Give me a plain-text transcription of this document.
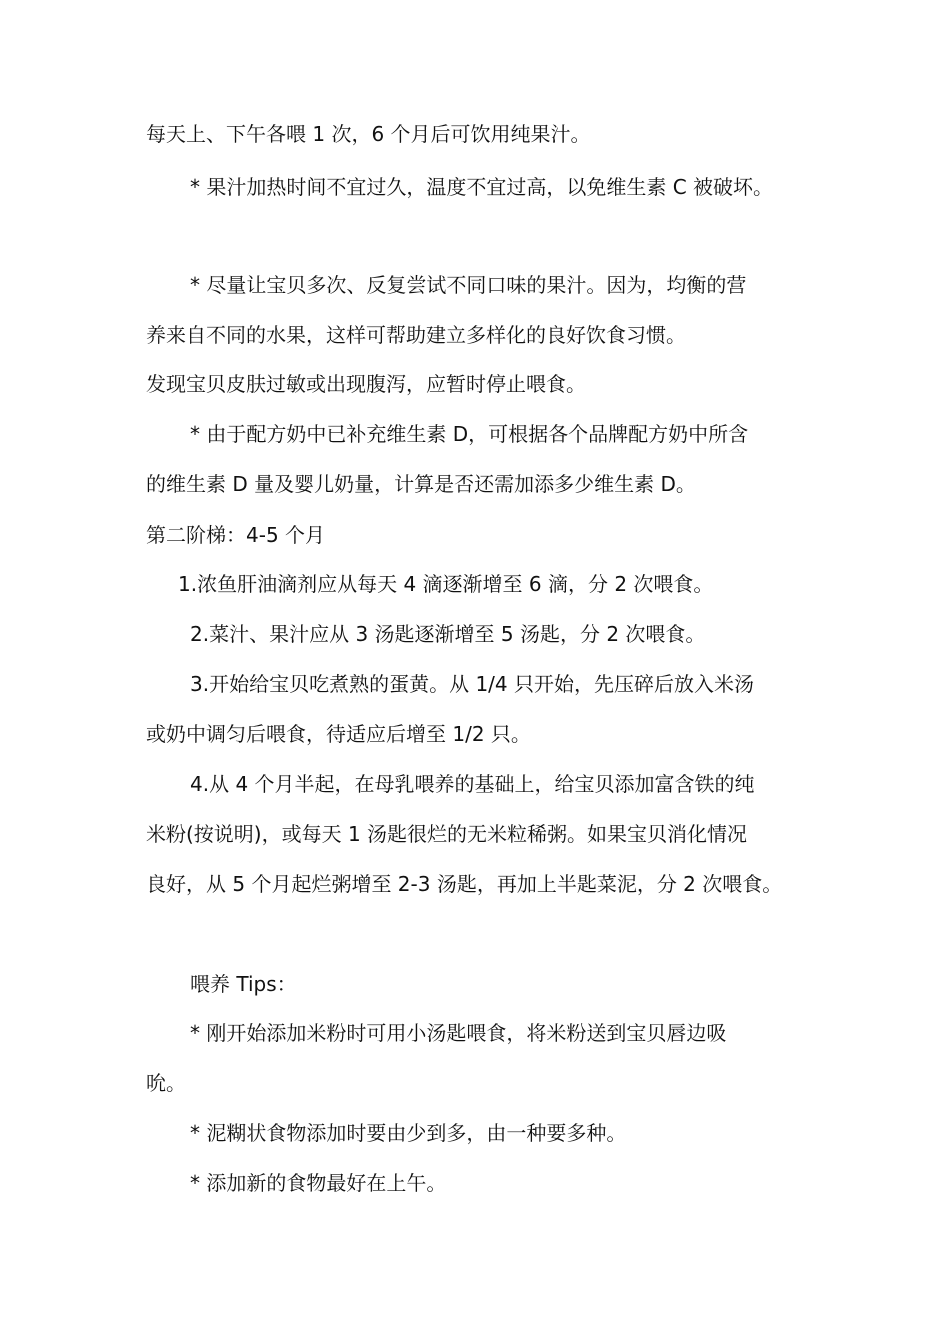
每天上、下午各喂 1 次，6 个月后可饮用纯果汁。
* 果汁加热时间不宜过久，温度不宜过高，以免维生素 C 被破坏。
* 尽量让宝贝多次、反复尝试不同口味的果汁。因为，均衡的营
养来自不同的水果，这样可帮助建立多样化的良好饮食习惯。
发现宝贝皮肤过敏或出现腹泻，应暂时停止喂食。
* 由于配方奶中已补充维生素 D，可根据各个品牌配方奶中所含
的维生素 D 量及婴儿奶量，计算是否还需加添多少维生素 D。
第二阶梯：4-5 个月
1.浓鱼肝油滴剂应从每天 4 滴逐渐增至 6 滴，分 2 次喂食。
2.菜汁、果汁应从 3 汤匙逐渐增至 5 汤匙，分 2 次喂食。
3.开始给宝贝吃煮熟的蛋黄。从 1/4 只开始，先压碎后放入米汤
或奶中调匀后喂食，待适应后增至 1/2 只。
4.从 4 个月半起，在母乳喂养的基础上，给宝贝添加富含铁的纯
米粉(按说明)，或每天 1 汤匙很烂的无米粒稀粥。如果宝贝消化情况
良好，从 5 个月起烂粥增至 2-3 汤匙，再加上半匙菜泥，分 2 次喂食。
喂养 Tips：
* 刚开始添加米粉时可用小汤匙喂食，将米粉送到宝贝唇边吸
吮。
* 泥糊状食物添加时要由少到多，由一种要多种。
* 添加新的食物最好在上午。
